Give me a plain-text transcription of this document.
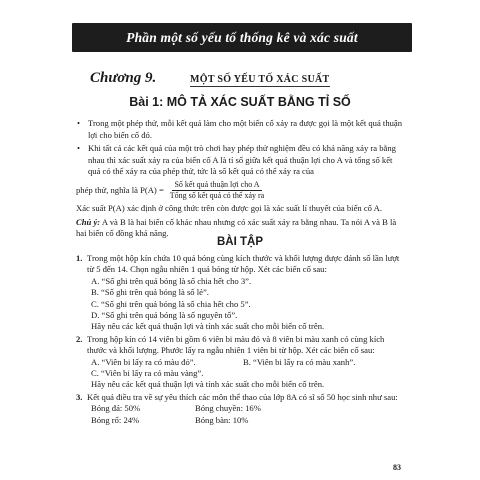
Phần một số yếu tố thống kê và xác suất
Chương 9.	MỘT SỐ YẾU TỐ XÁC SUẤT
Bài 1: MÔ TẢ XÁC SUẤT BẰNG TỈ SỐ
• Trong một phép thử, mỗi kết quả làm cho một biến cố xảy ra được gọi là một kết quả thuận lợi cho biến cố đó.
• Khi tất cả các kết quả của một trò chơi hay phép thử nghiệm đều có khả năng xảy ra bằng nhau thì xác suất xảy ra của biến cố A là tỉ số giữa kết quả thuận lợi cho A và tổng số kết quả có thể xảy ra của phép thử, tức là số kết quả có thể xảy ra của
phép thử, nghĩa là $P(A) = \frac{\text{Số kết quả thuận lợi cho A}}{\text{Tổng số kết quả có thể xảy ra}}$
Xác suất P(A) xác định ở công thức trên còn được gọi là xác suất lí thuyết của biến cố A.
Chú ý: A và B là hai biến cố khác nhau nhưng có xác suất xảy ra bằng nhau. Ta nói A và B là hai biến cố đồng khả năng.
BÀI TẬP
1. Trong một hộp kín chứa 10 quả bóng cùng kích thước và khối lượng được đánh số lần lượt từ 5 đến 14. Chọn ngẫu nhiên 1 quả bóng từ hộp. Xét các biến cố sau:
A. “Số ghi trên quả bóng là số chia hết cho 3”.
B. “Số ghi trên quả bóng là số lẻ”.
C. “Số ghi trên quả bóng là số chia hết cho 5”.
D. “Số ghi trên quả bóng là số nguyên tố”.
Hãy nêu các kết quả thuận lợi và tính xác suất cho mỗi biến cố trên.
2. Trong hộp kín có 14 viên bi gồm 6 viên bi màu đỏ và 8 viên bi màu xanh có cùng kích thước và khối lượng. Phước lấy ra ngẫu nhiên 1 viên bi từ hộp. Xét các biến cố sau:
A. “Viên bi lấy ra có màu đỏ”.	B. “Viên bi lấy ra có màu xanh”.
C. “Viên bi lấy ra có màu vàng”.
Hãy nêu các kết quả thuận lợi và tính xác suất cho mỗi biến cố trên.
3. Kết quả điều tra về sự yêu thích các môn thể thao của lớp 8A có sĩ số 50 học sinh như sau:
Bóng đá: 50%	Bóng chuyền: 16%
Bóng rổ: 24%	Bóng bàn: 10%
83
